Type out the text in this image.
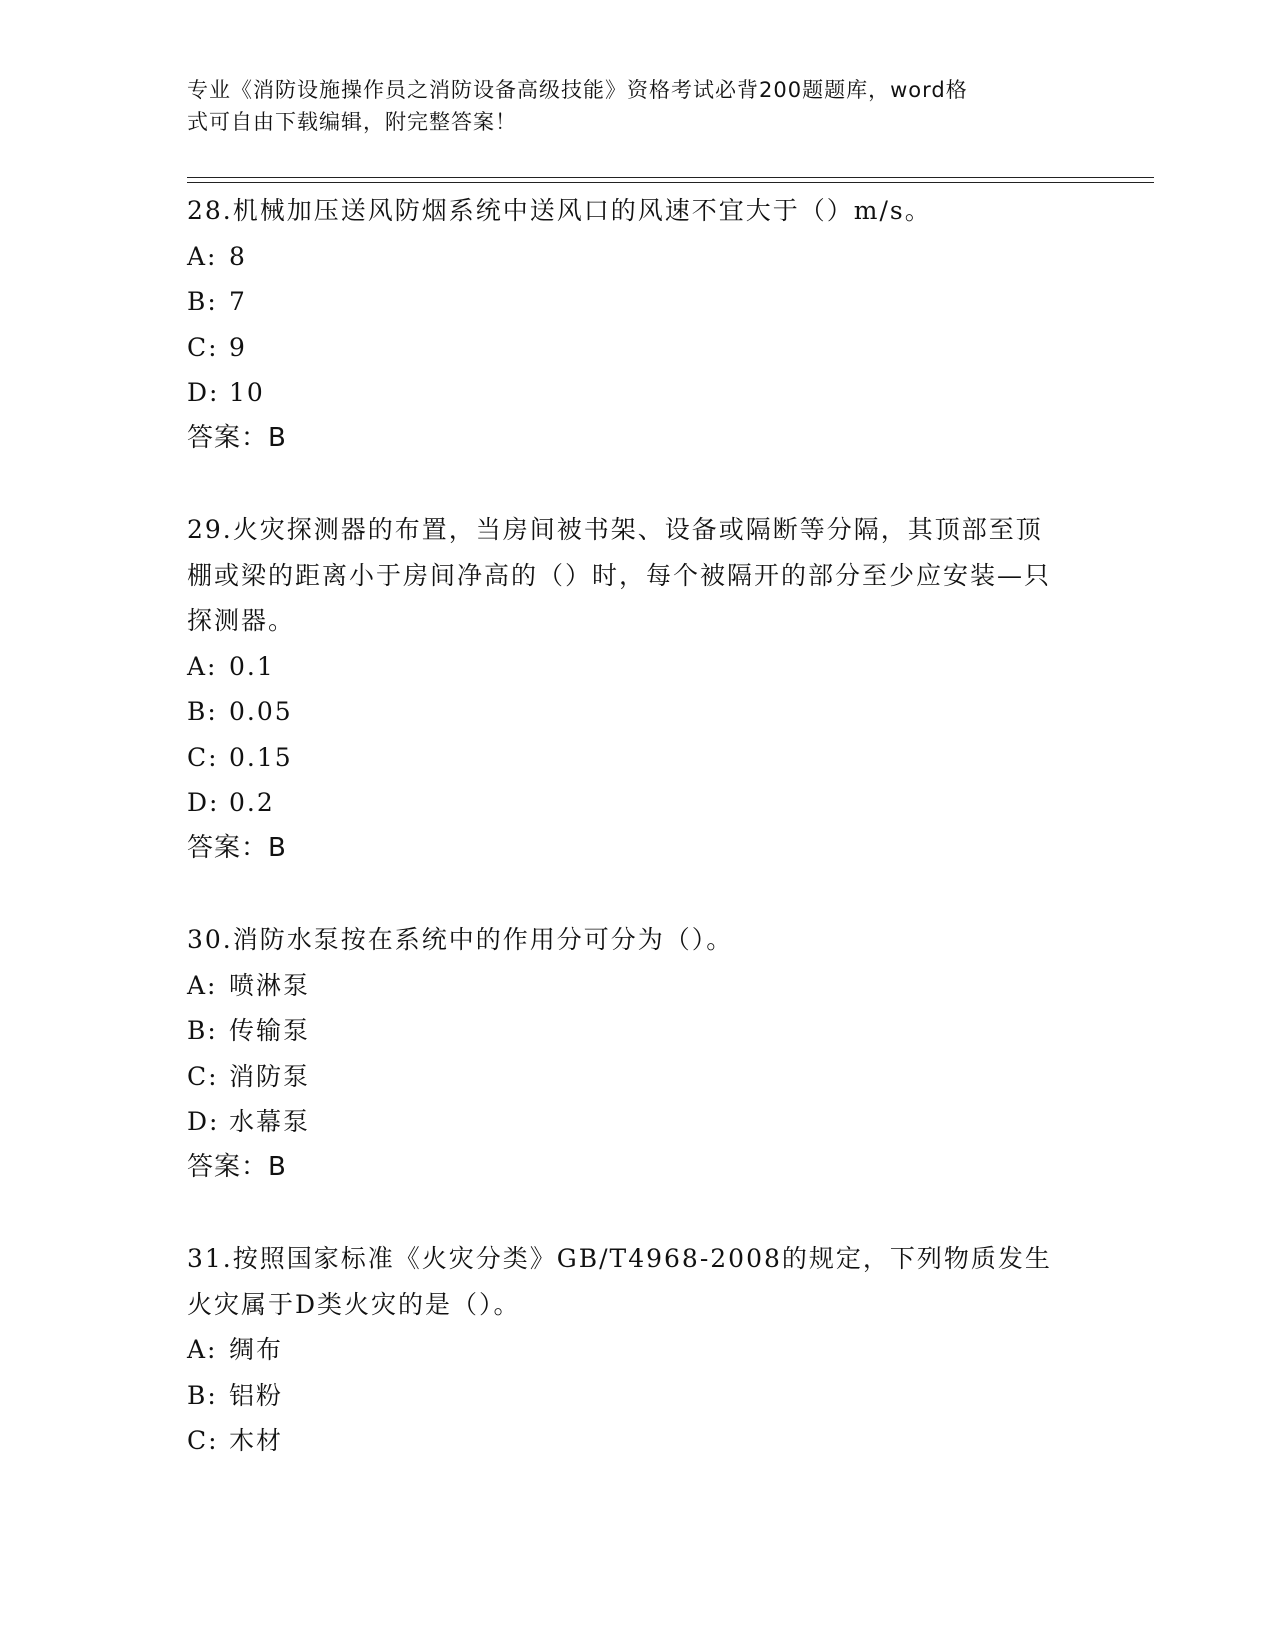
专业《消防设施操作员之消防设备高级技能》资格考试必背200题题库，word格
式可自由下载编辑，附完整答案！

28.机械加压送风防烟系统中送风口的风速不宜大于（）m/s。

A: 8

B: 7

C: 9

D: 10

答案：B

29.火灾探测器的布置，当房间被书架、设备或隔断等分隔，其顶部至顶棚或梁的距离小于房间净高的（）时，每个被隔开的部分至少应安装—只探测器。

A: 0.1

B: 0.05

C: 0.15

D: 0.2

答案：B

30.消防水泵按在系统中的作用分可分为（）。

A: 喷淋泵

B: 传输泵

C: 消防泵

D: 水幕泵

答案：B

31.按照国家标准《火灾分类》GB/T4968-2008的规定，下列物质发生火灾属于D类火灾的是（）。

A: 绸布

B: 铝粉

C: 木材
